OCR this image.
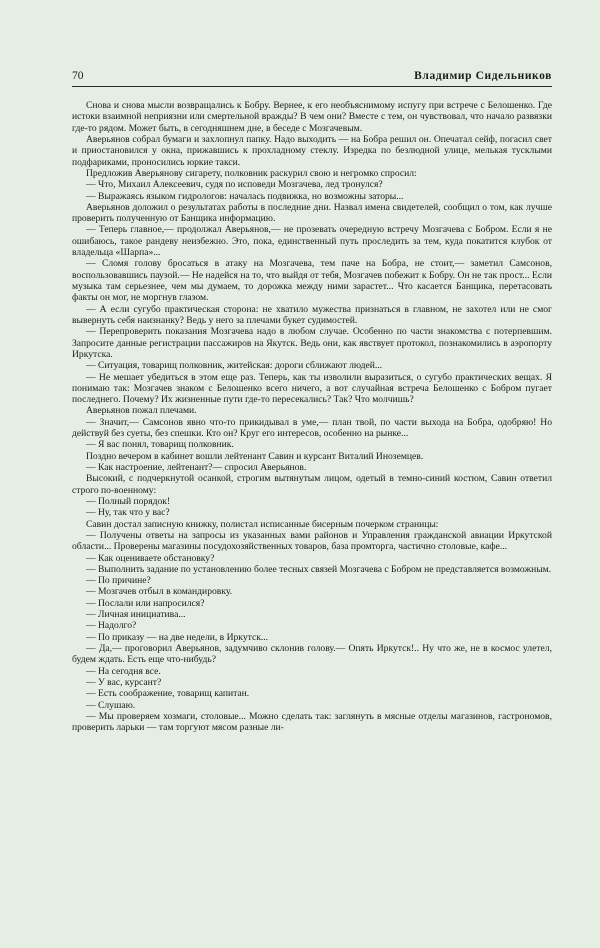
70	Владимир Сидельников

Снова и снова мысли возвращались к Бобру. Вернее, к его необъяснимому испугу при встрече с Белошенко. Где истоки взаимной неприязни или смертельной вражды? В чем они? Вместе с тем, он чувствовал, что начало развязки где-то рядом. Может быть, в сегодняшнем дне, в беседе с Мозгачевым.

Аверьянов собрал бумаги и захлопнул папку. Надо выходить — на Бобра решил он. Опечатал сейф, погасил свет и приостановился у окна, прижавшись к прохладному стеклу. Изредка по безлюдной улице, мелькая тусклыми подфариками, проносились юркие такси.

Предложив Аверьянову сигарету, полковник раскурил свою и негромко спросил:

— Что, Михаил Алексеевич, судя по исповеди Мозгачева, лед тронулся?

— Выражаясь языком гидрологов: началась подвижка, но возможны заторы...

Аверьянов доложил о результатах работы в последние дни. Назвал имена свидетелей, сообщил о том, как лучше проверить полученную от Банщика информацию.

— Теперь главное,— продолжал Аверьянов,— не прозевать очередную встречу Мозгачева с Бобром. Если я не ошибаюсь, такое рандеву неизбежно. Это, пока, единственный путь проследить за тем, куда покатится клубок от владельца «Шарпа»...

— Сломя голову бросаться в атаку на Мозгачева, тем паче на Бобра, не стоит,— заметил Самсонов, воспользовавшись паузой.— Не надейся на то, что выйдя от тебя, Мозгачев побежит к Бобру. Он не так прост... Если музыка там серьезнее, чем мы думаем, то дорожка между ними зарастет... Что касается Банщика, перетасовать факты он мог, не моргнув глазом.

— А если сугубо практическая сторона: не хватило мужества признаться в главном, не захотел или не смог вывернуть себя наизнанку? Ведь у него за плечами букет судимостей.

— Перепроверить показания Мозгачева надо в любом случае. Особенно по части знакомства с потерпевшим. Запросите данные регистрации пассажиров на Якутск. Ведь они, как явствует протокол, познакомились в аэропорту Иркутска.

— Ситуация, товарищ полковник, житейская: дороги сближают людей...

— Не мешает убедиться в этом еще раз. Теперь, как ты изволили выразиться, о сугубо практических вещах. Я понимаю так: Мозгачев знаком с Белошенко всего ничего, а вот случайная встреча Белошенко с Бобром пугает последнего. Почему? Их жизненные пути где-то пересекались? Так? Что молчишь?

Аверьянов пожал плечами.

— Значит,— Самсонов явно что-то прикидывал в уме,— план твой, по части выхода на Бобра, одобряю! Но действуй без суеты, без спешки. Кто он? Круг его интересов, особенно на рынке...

— Я вас понял, товарищ полковник.

Поздно вечером в кабинет вошли лейтенант Савин и курсант Виталий Иноземцев.

— Как настроение, лейтенант?— спросил Аверьянов.

Высокий, с подчеркнутой осанкой, строгим вытянутым лицом, одетый в темно-синий костюм, Савин ответил строго по-военному:

— Полный порядок!

— Ну, так что у вас?

Савин достал записную книжку, полистал исписанные бисерным почерком страницы:

— Получены ответы на запросы из указанных вами районов и Управления гражданской авиации Иркутской области... Проверены магазины посудохозяйственных товаров, база промторга, частично столовые, кафе...

— Как оцениваете обстановку?

— Выполнить задание по установлению более тесных связей Мозгачева с Бобром не представляется возможным.

— По причине?

— Мозгачев отбыл в командировку.

— Послали или напросился?

— Личная инициатива...

— Надолго?

— По приказу — на две недели, в Иркутск...

— Да,— проговорил Аверьянов, задумчиво склонив голову.— Опять Иркутск!.. Ну что же, не в космос улетел, будем ждать. Есть еще что-нибудь?

— На сегодня все.

— У вас, курсант?

— Есть соображение, товарищ капитан.

— Слушаю.

— Мы проверяем хозмаги, столовые... Можно сделать так: заглянуть в мясные отделы магазинов, гастрономов, проверить ларьки — там торгуют мясом разные ли-
